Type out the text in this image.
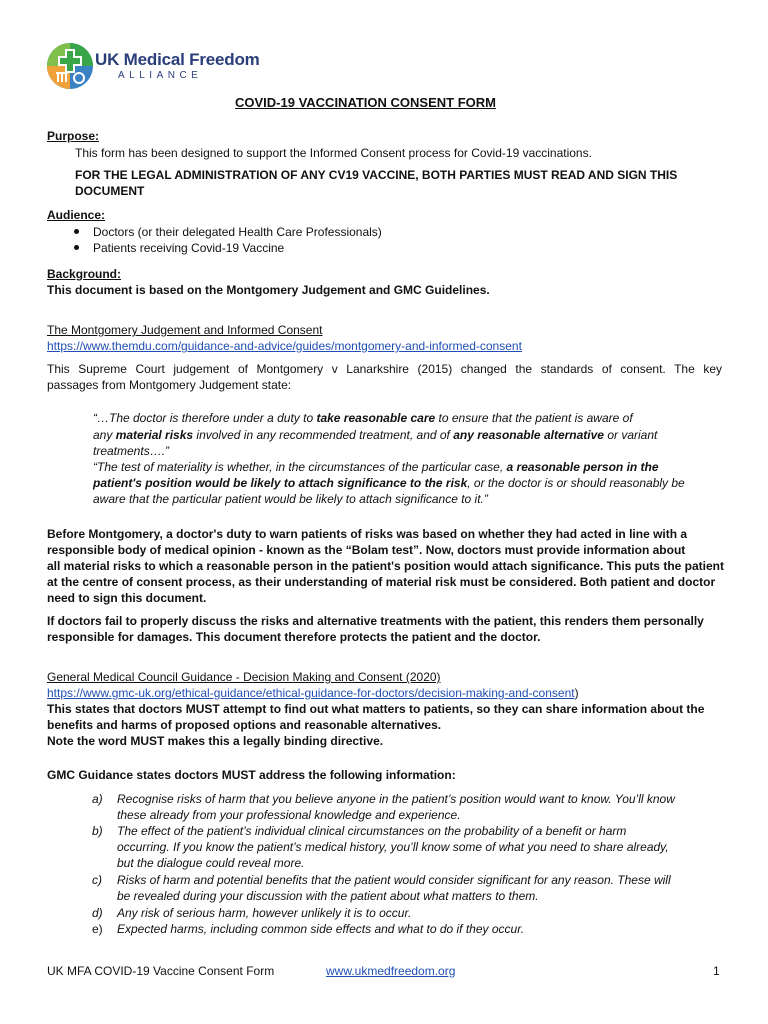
UK Medical Freedom
ALLIANCE
COVID-19 VACCINATION CONSENT FORM
Purpose:
This form has been designed to support the Informed Consent process for Covid-19 vaccinations.
FOR THE LEGAL ADMINISTRATION OF ANY CV19 VACCINE, BOTH PARTIES MUST READ AND SIGN THIS
DOCUMENT
Audience:
Doctors (or their delegated Health Care Professionals)
Patients receiving Covid-19 Vaccine
Background:
This document is based on the Montgomery Judgement and GMC Guidelines.
The Montgomery Judgement and Informed Consent
https://www.themdu.com/guidance-and-advice/guides/montgomery-and-informed-consent
This Supreme Court judgement of Montgomery v Lanarkshire (2015) changed the standards of consent. The key
passages from Montgomery Judgement state:
“…The doctor is therefore under a duty to take reasonable care to ensure that the patient is aware of
any material risks involved in any recommended treatment, and of any reasonable alternative or variant
treatments….”
“The test of materiality is whether, in the circumstances of the particular case, a reasonable person in the
patient's position would be likely to attach significance to the risk, or the doctor is or should reasonably be
aware that the particular patient would be likely to attach significance to it.”
Before Montgomery, a doctor's duty to warn patients of risks was based on whether they had acted in line with a
responsible body of medical opinion - known as the “Bolam test”. Now, doctors must provide information about
all material risks to which a reasonable person in the patient's position would attach significance. This puts the patient
at the centre of consent process, as their understanding of material risk must be considered. Both patient and doctor
need to sign this document.
If doctors fail to properly discuss the risks and alternative treatments with the patient, this renders them personally
responsible for damages. This document therefore protects the patient and the doctor.
General Medical Council Guidance - Decision Making and Consent (2020)
https://www.gmc-uk.org/ethical-guidance/ethical-guidance-for-doctors/decision-making-and-consent)
This states that doctors MUST attempt to find out what matters to patients, so they can share information about the
benefits and harms of proposed options and reasonable alternatives.
Note the word MUST makes this a legally binding directive.
GMC Guidance states doctors MUST address the following information:
a) Recognise risks of harm that you believe anyone in the patient’s position would want to know. You’ll know
these already from your professional knowledge and experience.
b) The effect of the patient’s individual clinical circumstances on the probability of a benefit or harm
occurring. If you know the patient’s medical history, you’ll know some of what you need to share already,
but the dialogue could reveal more.
c) Risks of harm and potential benefits that the patient would consider significant for any reason. These will
be revealed during your discussion with the patient about what matters to them.
d) Any risk of serious harm, however unlikely it is to occur.
e) Expected harms, including common side effects and what to do if they occur.
UK MFA COVID-19 Vaccine Consent Form	www.ukmedfreedom.org	1
